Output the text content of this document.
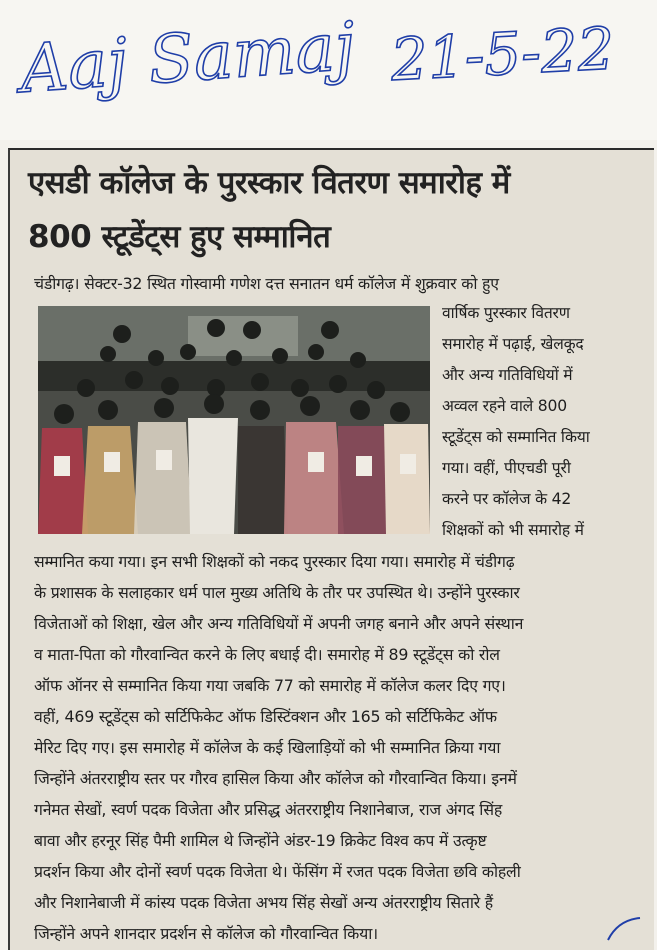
Aaj Samaj 21-5-22
एसडी कॉलेज के पुरस्कार वितरण समारोह में
800 स्टूडेंट्स हुए सम्मानित
चंडीगढ़। सेक्टर-32 स्थित गोस्वामी गणेश दत्त सनातन धर्म कॉलेज में शुक्रवार को हुए
वार्षिक पुरस्कार वितरण
समारोह में पढ़ाई, खेलकूद
और अन्य गतिविधियों में
अव्वल रहने वाले 800
स्टूडेंट्स को सम्मानित किया
गया। वहीं, पीएचडी पूरी
करने पर कॉलेज के 42
शिक्षकों को भी समारोह में
सम्मानित कया गया। इन सभी शिक्षकों को नकद पुरस्कार दिया गया। समारोह में चंडीगढ़
के प्रशासक के सलाहकार धर्म पाल मुख्य अतिथि के तौर पर उपस्थित थे। उन्होंने पुरस्कार
विजेताओं को शिक्षा, खेल और अन्य गतिविधियों में अपनी जगह बनाने और अपने संस्थान
व माता-पिता को गौरवान्वित करने के लिए बधाई दी। समारोह में 89 स्टूडेंट्स को रोल
ऑफ ऑनर से सम्मानित किया गया जबकि 77 को समारोह में कॉलेज कलर दिए गए।
वहीं, 469 स्टूडेंट्स को सर्टिफिकेट ऑफ डिस्टिंक्शन और 165 को सर्टिफिकेट ऑफ
मेरिट दिए गए। इस समारोह में कॉलेज के कई खिलाड़ियों को भी सम्मानित क्रिया गया
जिन्होंने अंतरराष्ट्रीय स्तर पर गौरव हासिल किया और कॉलेज को गौरवान्वित किया। इनमें
गनेमत सेखों, स्वर्ण पदक विजेता और प्रसिद्ध अंतरराष्ट्रीय निशानेबाज, राज अंगद सिंह
बावा और हरनूर सिंह पैमी शामिल थे जिन्होंने अंडर-19 क्रिकेट विश्व कप में उत्कृष्ट
प्रदर्शन किया और दोनों स्वर्ण पदक विजेता थे। फेंसिंग में रजत पदक विजेता छवि कोहली
और निशानेबाजी में कांस्य पदक विजेता अभय सिंह सेखों अन्य अंतरराष्ट्रीय सितारे हैं
जिन्होंने अपने शानदार प्रदर्शन से कॉलेज को गौरवान्वित किया।
